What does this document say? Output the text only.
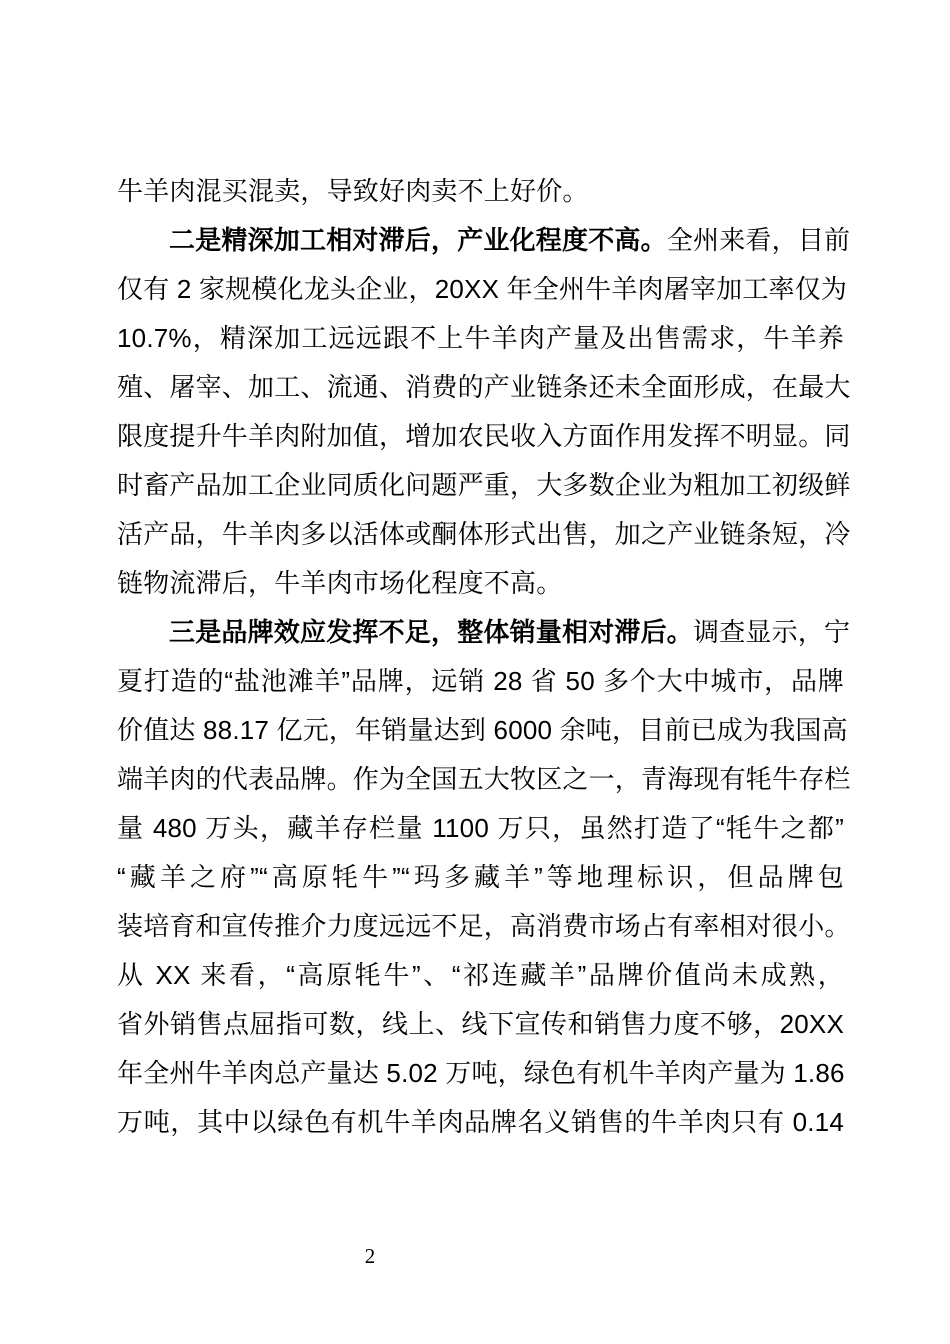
牛羊肉混买混卖，导致好肉卖不上好价。
二是精深加工相对滞后，产业化程度不高。全州来看，目前
仅有 2 家规模化龙头企业，20XX 年全州牛羊肉屠宰加工率仅为
10.7%，精深加工远远跟不上牛羊肉产量及出售需求，牛羊养
殖、屠宰、加工、流通、消费的产业链条还未全面形成，在最大
限度提升牛羊肉附加值，增加农民收入方面作用发挥不明显。同
时畜产品加工企业同质化问题严重，大多数企业为粗加工初级鲜
活产品，牛羊肉多以活体或酮体形式出售，加之产业链条短，冷
链物流滞后，牛羊肉市场化程度不高。
三是品牌效应发挥不足，整体销量相对滞后。调查显示，宁
夏打造的“盐池滩羊”品牌，远销 28 省 50 多个大中城市，品牌
价值达 88.17 亿元，年销量达到 6000 余吨，目前已成为我国高
端羊肉的代表品牌。作为全国五大牧区之一，青海现有牦牛存栏
量 480 万头，藏羊存栏量 1100 万只，虽然打造了“牦牛之都”
“藏羊之府”“高原牦牛”“玛多藏羊”等地理标识，但品牌包
装培育和宣传推介力度远远不足，高消费市场占有率相对很小。
从 XX 来看，“高原牦牛”、“祁连藏羊”品牌价值尚未成熟，
省外销售点屈指可数，线上、线下宣传和销售力度不够，20XX
年全州牛羊肉总产量达 5.02 万吨，绿色有机牛羊肉产量为 1.86
万吨，其中以绿色有机牛羊肉品牌名义销售的牛羊肉只有 0.14
2
